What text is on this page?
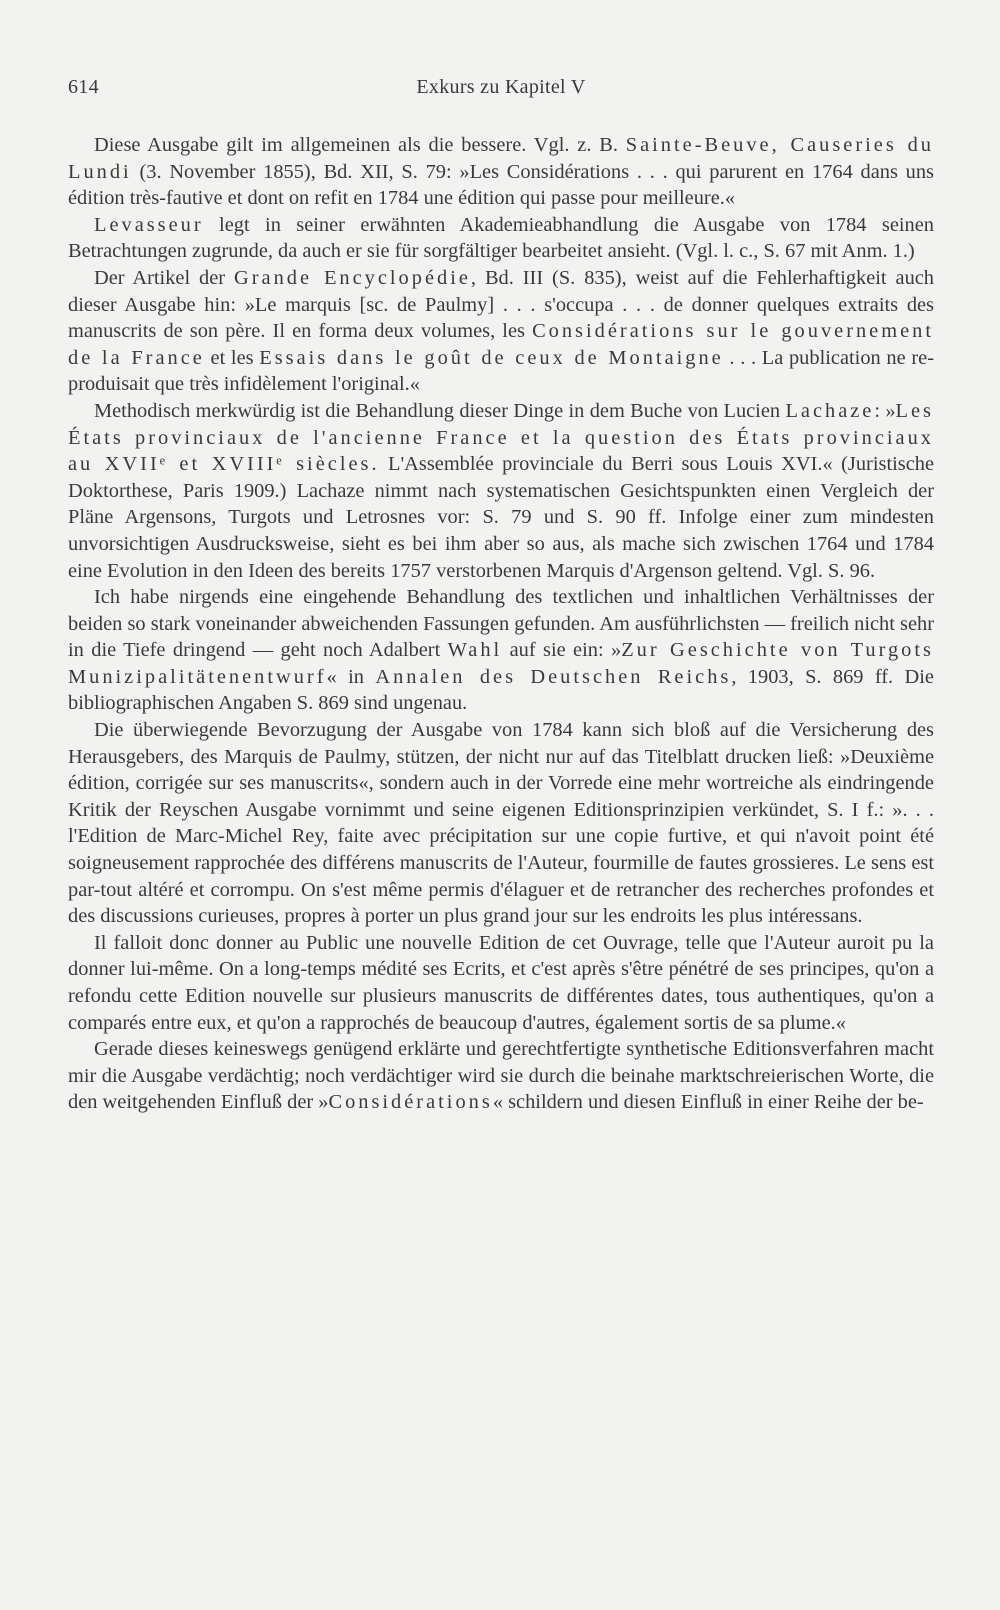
614	Exkurs zu Kapitel V

Diese Ausgabe gilt im allgemeinen als die bessere. Vgl. z. B. Sainte-Beuve, Causeries du Lundi (3. November 1855), Bd. XII, S. 79: »Les Considérations . . . qui parurent en 1764 dans uns édition très-fautive et dont on refit en 1784 une édition qui passe pour meilleure.«

Levasseur legt in seiner erwähnten Akademieabhandlung die Ausgabe von 1784 seinen Betrachtungen zugrunde, da auch er sie für sorgfältiger bearbeitet ansieht. (Vgl. l. c., S. 67 mit Anm. 1.)

Der Artikel der Grande Encyclopédie, Bd. III (S. 835), weist auf die Fehlerhaftigkeit auch dieser Ausgabe hin: »Le marquis [sc. de Paulmy] . . . s'occupa . . . de donner quelques extraits des manuscrits de son père. Il en forma deux volumes, les Considérations sur le gouvernement de la France et les Essais dans le goût de ceux de Montaigne . . . La publication ne reproduisait que très infidèlement l'original.«

Methodisch merkwürdig ist die Behandlung dieser Dinge in dem Buche von Lucien Lachaze: »Les États provinciaux de l'ancienne France et la question des États provinciaux au XVIIᵉ et XVIIIᵉ siècles. L'Assemblée provinciale du Berri sous Louis XVI.« (Juristische Doktorthese, Paris 1909.) Lachaze nimmt nach systematischen Gesichtspunkten einen Vergleich der Pläne Argensons, Turgots und Letrosnes vor: S. 79 und S. 90 ff. Infolge einer zum mindesten unvorsichtigen Ausdrucksweise, sieht es bei ihm aber so aus, als mache sich zwischen 1764 und 1784 eine Evolution in den Ideen des bereits 1757 verstorbenen Marquis d'Argenson geltend. Vgl. S. 96.

Ich habe nirgends eine eingehende Behandlung des textlichen und inhaltlichen Verhältnisses der beiden so stark voneinander abweichenden Fassungen gefunden. Am ausführlichsten — freilich nicht sehr in die Tiefe dringend — geht noch Adalbert Wahl auf sie ein: »Zur Geschichte von Turgots Munizipalitätenentwurf« in Annalen des Deutschen Reichs, 1903, S. 869 ff. Die bibliographischen Angaben S. 869 sind ungenau.

Die überwiegende Bevorzugung der Ausgabe von 1784 kann sich bloß auf die Versicherung des Herausgebers, des Marquis de Paulmy, stützen, der nicht nur auf das Titelblatt drucken ließ: »Deuxième édition, corrigée sur ses manuscrits«, sondern auch in der Vorrede eine mehr wortreiche als eindringende Kritik der Reyschen Ausgabe vornimmt und seine eigenen Editionsprinzipien verkündet, S. I f.: ». . . l'Edition de Marc-Michel Rey, faite avec précipitation sur une copie furtive, et qui n'avoit point été soigneusement rapprochée des différens manuscrits de l'Auteur, fourmille de fautes grossieres. Le sens est par-tout altéré et corrompu. On s'est même permis d'élaguer et de retrancher des recherches profondes et des discussions curieuses, propres à porter un plus grand jour sur les endroits les plus intéressans.

Il falloit donc donner au Public une nouvelle Edition de cet Ouvrage, telle que l'Auteur auroit pu la donner lui-même. On a long-temps médité ses Ecrits, et c'est après s'être pénétré de ses principes, qu'on a refondu cette Edition nouvelle sur plusieurs manuscrits de différentes dates, tous authentiques, qu'on a comparés entre eux, et qu'on a rapprochés de beaucoup d'autres, également sortis de sa plume.«

Gerade dieses keineswegs genügend erklärte und gerechtfertigte synthetische Editionsverfahren macht mir die Ausgabe verdächtig; noch verdächtiger wird sie durch die beinahe marktschreierischen Worte, die den weitgehenden Einfluß der »Considérations« schildern und diesen Einfluß in einer Reihe der be-
